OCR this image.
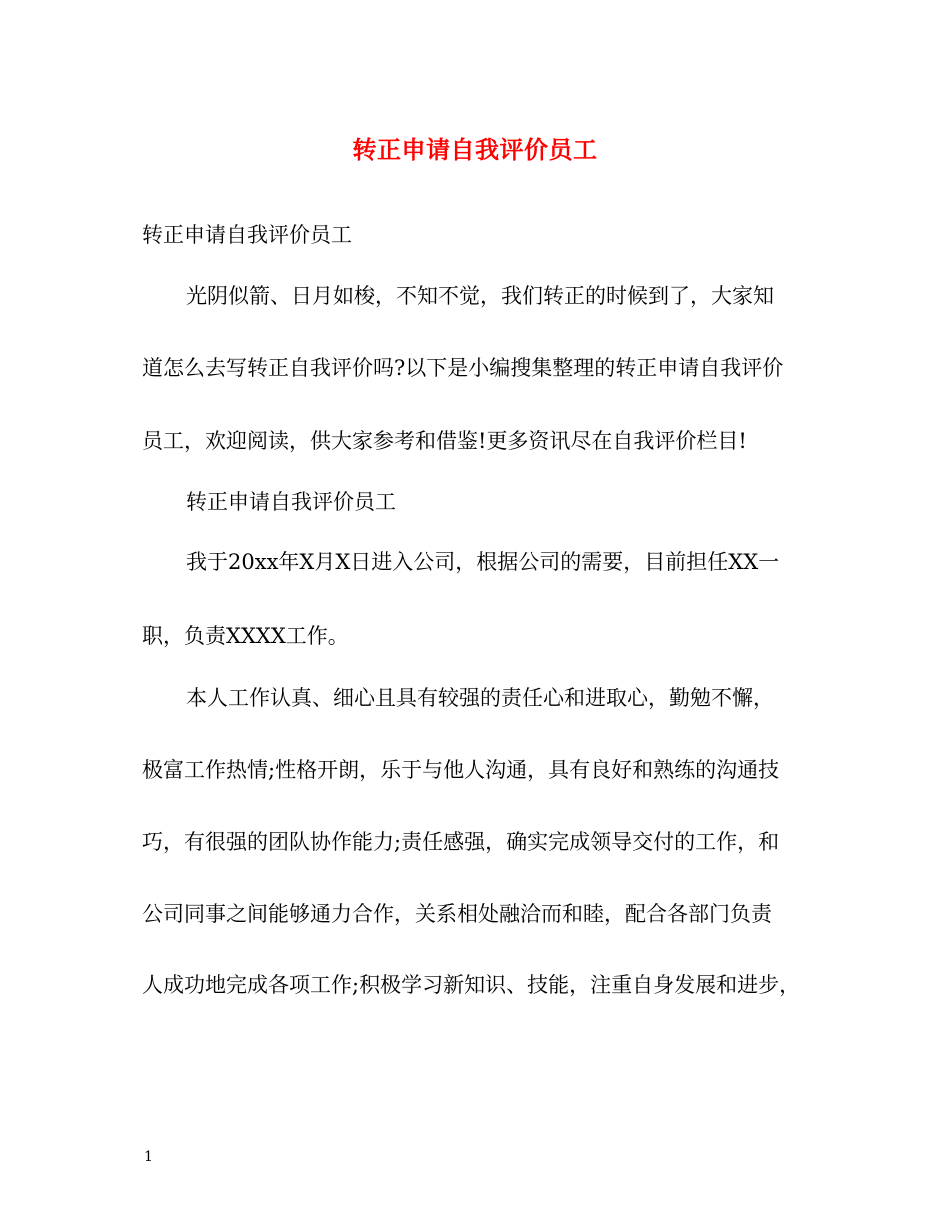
转正申请自我评价员工
转正申请自我评价员工
光阴似箭、日月如梭，不知不觉，我们转正的时候到了，大家知
道怎么去写转正自我评价吗?以下是小编搜集整理的转正申请自我评价
员工，欢迎阅读，供大家参考和借鉴!更多资讯尽在自我评价栏目!
转正申请自我评价员工
我于20xx年X月X日进入公司，根据公司的需要，目前担任XX一
职，负责XXXX工作。
本人工作认真、细心且具有较强的责任心和进取心，勤勉不懈，
极富工作热情;性格开朗，乐于与他人沟通，具有良好和熟练的沟通技
巧，有很强的团队协作能力;责任感强，确实完成领导交付的工作，和
公司同事之间能够通力合作，关系相处融洽而和睦，配合各部门负责
人成功地完成各项工作;积极学习新知识、技能，注重自身发展和进步，
1
